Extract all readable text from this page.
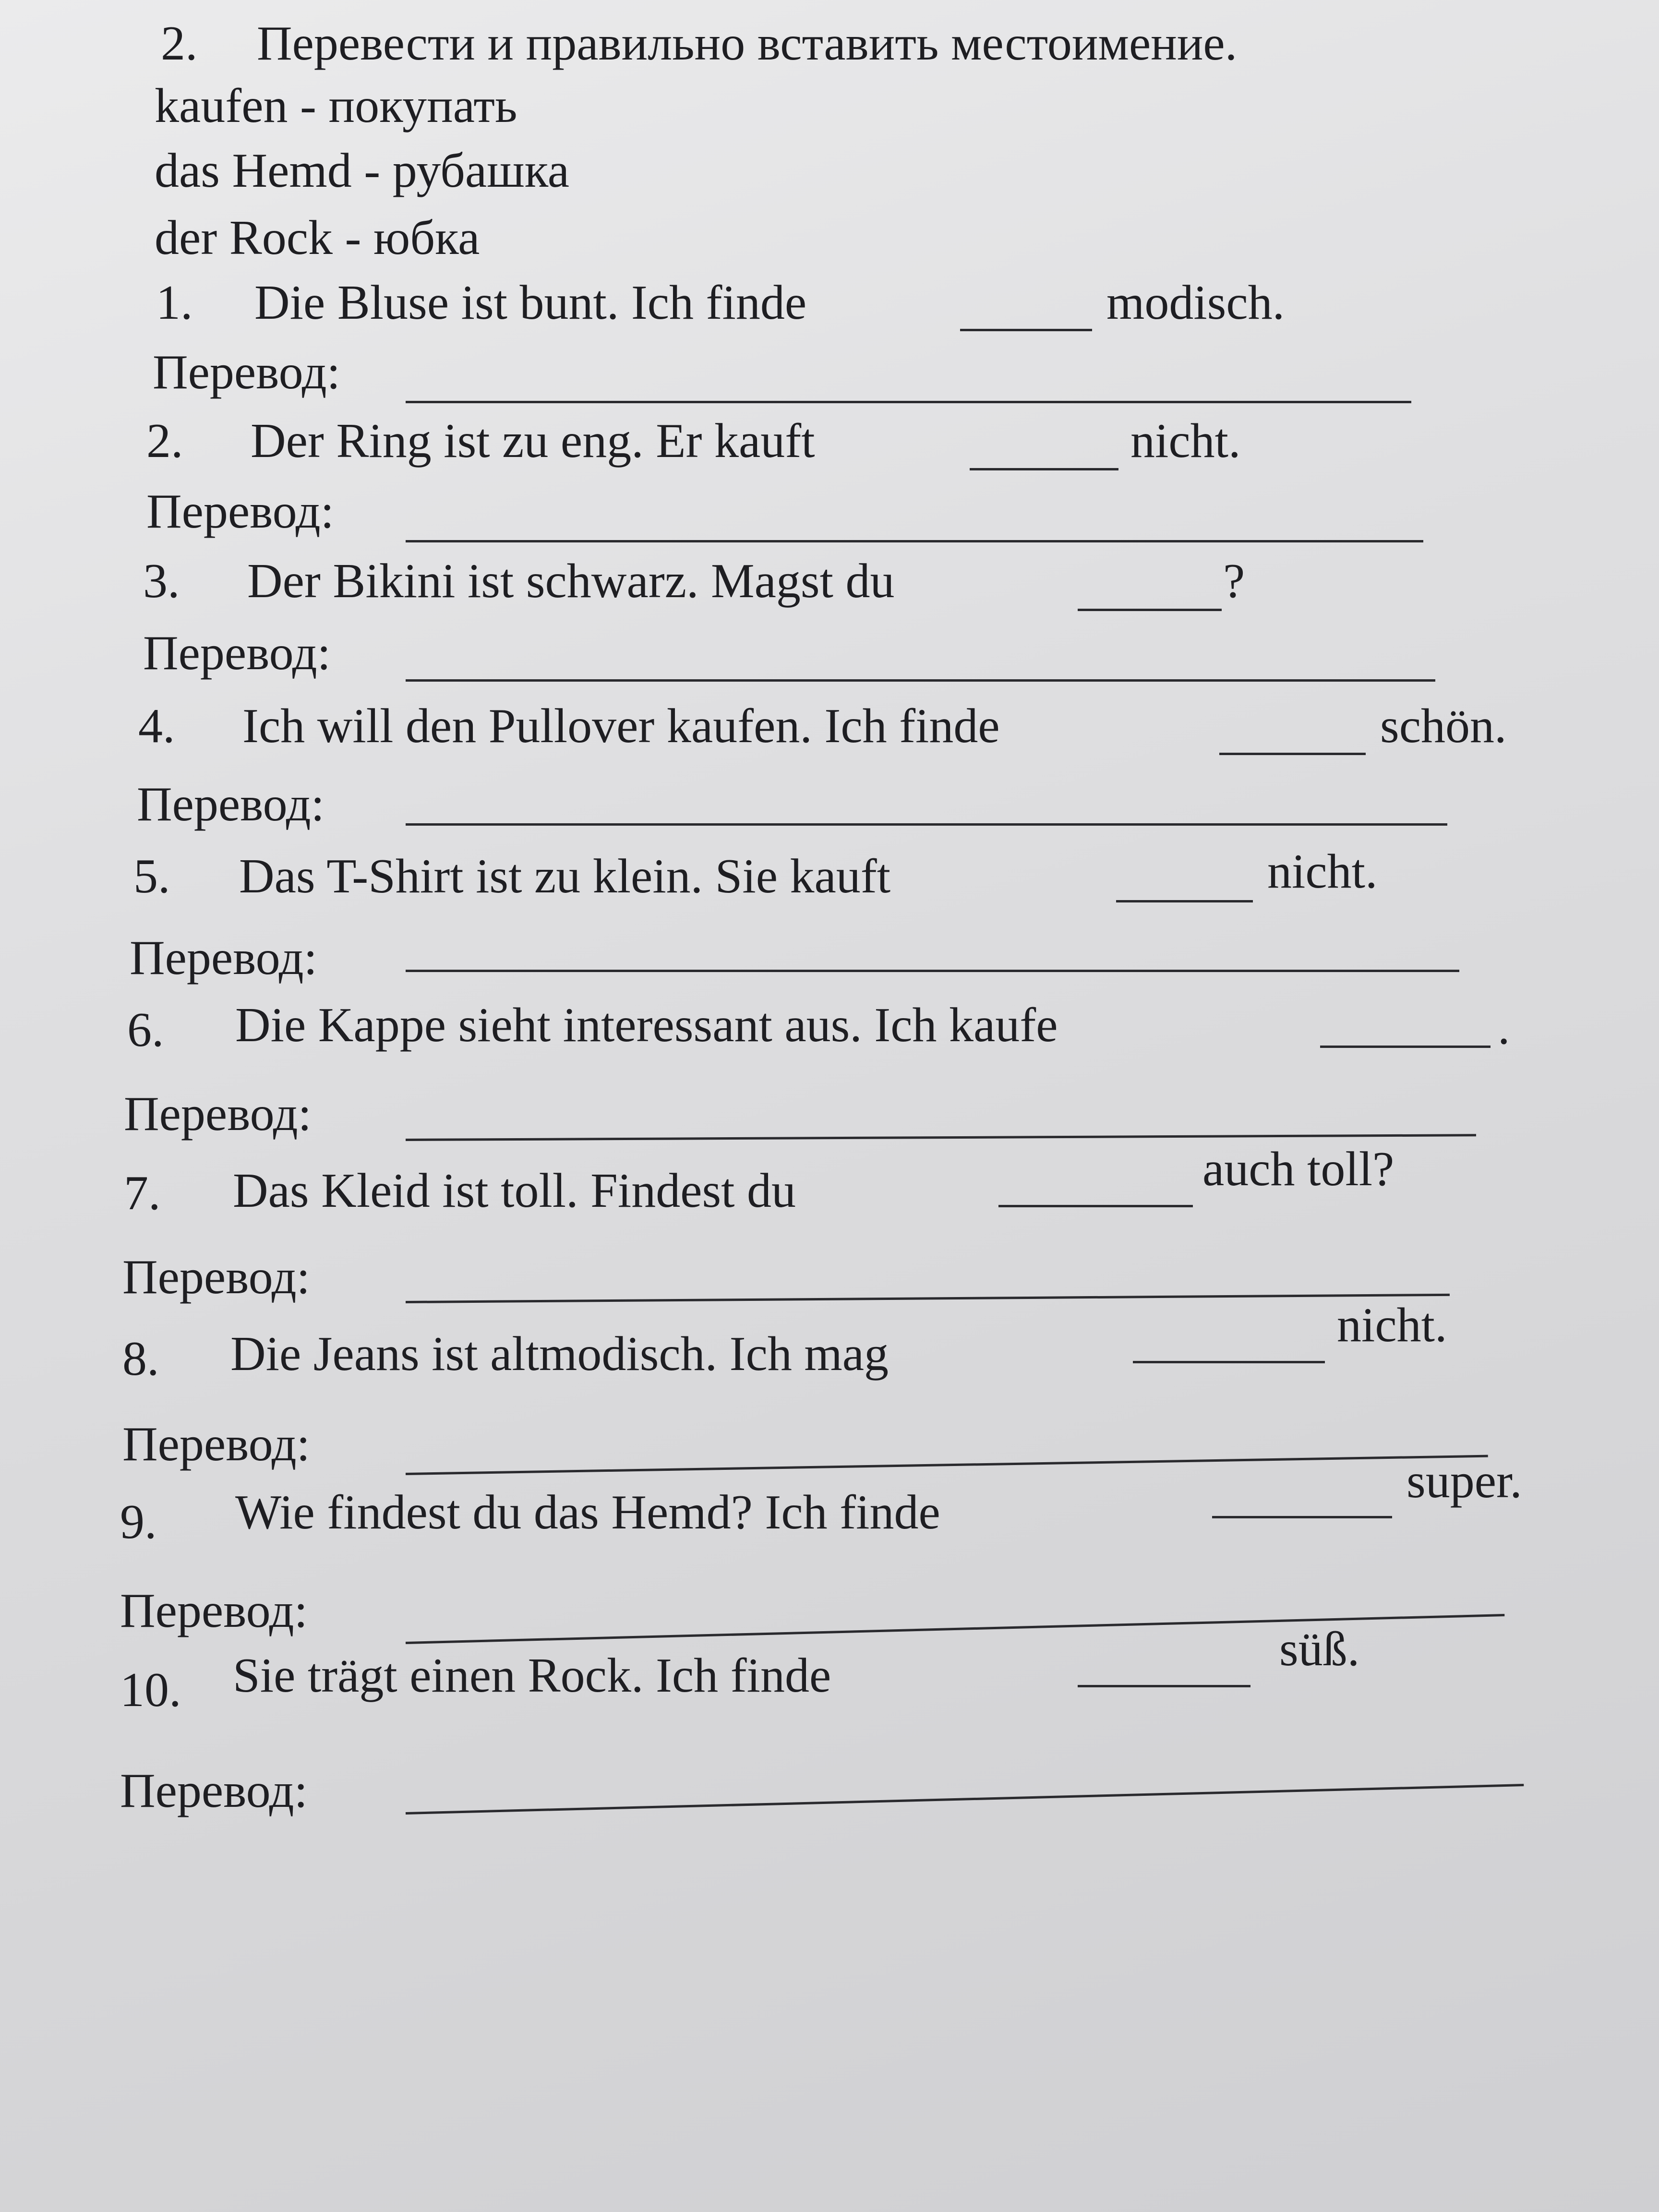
2. Перевести и правильно вставить местоимение.
kaufen - покупать
das Hemd - рубашка
der Rock - юбка
1. Die Bluse ist bunt. Ich finde	modisch.
Перевод:
2. Der Ring ist zu eng. Er kauft	nicht.
Перевод:
3. Der Bikini ist schwarz. Magst du	?
Перевод:
4. Ich will den Pullover kaufen. Ich finde	schön.
Перевод:
5. Das T-Shirt ist zu klein. Sie kauft	nicht.
Перевод:
6. Die Kappe sieht interessant aus. Ich kaufe	.
Перевод:
7. Das Kleid ist toll. Findest du	auch toll?
Перевод:
8. Die Jeans ist altmodisch. Ich mag
nicht.
Перевод:
9. Wie findest du das Hemd? Ich finde
super.
Перевод:
10. Sie trägt einen Rock. Ich finde	süß.
Перевод:
